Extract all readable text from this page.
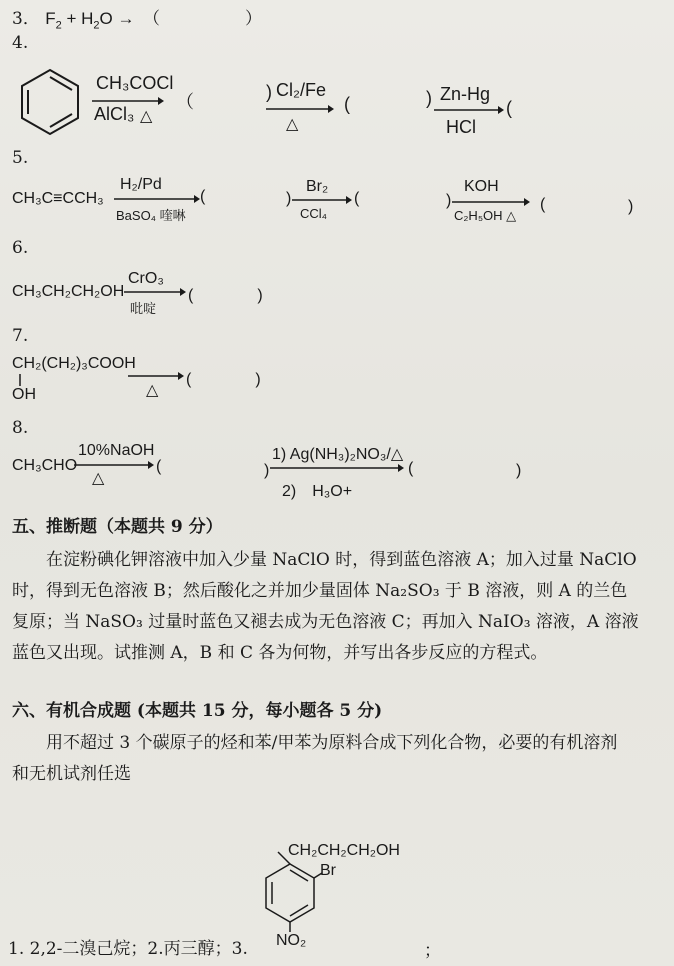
3． $F_2 + H_2O$ →　（　　　　　）
4.
CH₃COCl
AlCl₃ △
（	) Cl₂/Fe
△
(	) Zn-Hg
HCl
(
5.
CH₃C≡CCH₃
H₂/Pd
BaSO₄ 喹啉
(	)
Br₂
CCl₄
(	)
KOH
C₂H₅OH △
(	)
6.
CH₃CH₂CH₂OH
CrO₃
吡啶
(　　　　)
7.
CH₂(CH₂)₃COOH
OH	△
(　　　　)
8.
CH₃CHO
10%NaOH
△
(	)
1) Ag(NH₃)₂NO₃/△
2)　H₃O+
(	)
五、推断题（本题共 9 分）
在淀粉碘化钾溶液中加入少量 NaClO 时，得到蓝色溶液 A；加入过量 NaClO
时，得到无色溶液 B；然后酸化之并加少量固体 Na₂SO₃ 于 B 溶液，则 A 的兰色
复原；当 NaSO₃ 过量时蓝色又褪去成为无色溶液 C；再加入 NaIO₃ 溶液，A 溶液
蓝色又出现。试推测 A，B 和 C 各为何物，并写出各步反应的方程式。
六、有机合成题 (本题共 15 分，每小题各 5 分)
用不超过 3 个碳原子的烃和苯/甲苯为原料合成下列化合物，必要的有机溶剂
和无机试剂任选
CH₂CH₂CH₂OH
Br
NO₂
1. 2,2-二溴己烷；2.丙三醇；3.	；
